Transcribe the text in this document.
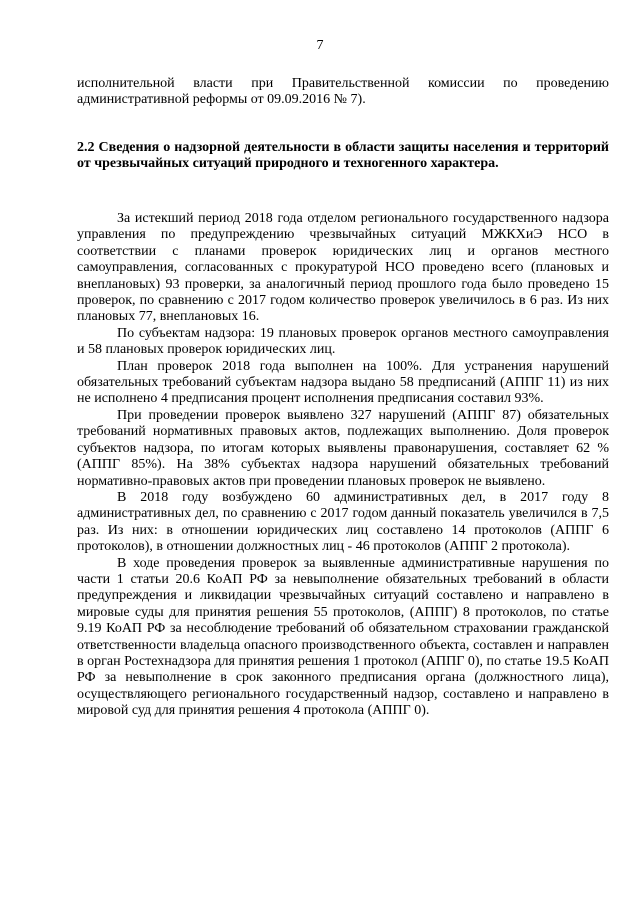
7
исполнительной власти при Правительственной комиссии по проведению административной реформы от 09.09.2016 № 7).
2.2 Сведения о надзорной деятельности в области защиты населения и территорий от чрезвычайных ситуаций природного и техногенного характера.

За истекший период 2018 года отделом регионального государственного надзора управления по предупреждению чрезвычайных ситуаций МЖКХиЭ НСО в соответствии с планами проверок юридических лиц и органов местного самоуправления, согласованных с прокуратурой НСО проведено всего (плановых и внеплановых) 93 проверки, за аналогичный период прошлого года было проведено 15 проверок, по сравнению с 2017 годом количество проверок увеличилось в 6 раз. Из них плановых 77, внеплановых 16.

По субъектам надзора: 19 плановых проверок органов местного самоуправления и 58 плановых проверок юридических лиц.

План проверок 2018 года выполнен на 100%. Для устранения нарушений обязательных требований субъектам надзора выдано 58 предписаний (АППГ 11) из них не исполнено 4 предписания процент исполнения предписания составил 93%.

При проведении проверок выявлено 327 нарушений (АППГ 87) обязательных требований нормативных правовых актов, подлежащих выполнению. Доля проверок субъектов надзора, по итогам которых выявлены правонарушения, составляет 62 % (АППГ 85%). На 38% субъектах надзора нарушений обязательных требований нормативно-правовых актов при проведении плановых проверок не выявлено.

В 2018 году возбуждено 60 административных дел, в 2017 году 8 административных дел, по сравнению с 2017 годом данный показатель увеличился в 7,5 раз. Из них: в отношении юридических лиц составлено 14 протоколов (АППГ 6 протоколов), в отношении должностных лиц - 46 протоколов (АППГ 2 протокола).

В ходе проведения проверок за выявленные административные нарушения по части 1 статьи 20.6 КоАП РФ за невыполнение обязательных требований в области предупреждения и ликвидации чрезвычайных ситуаций составлено и направлено в мировые суды для принятия решения 55 протоколов, (АППГ) 8 протоколов, по статье 9.19 КоАП РФ за несоблюдение требований об обязательном страховании гражданской ответственности владельца опасного производственного объекта, составлен и направлен в орган Ростехнадзора для принятия решения 1 протокол (АППГ 0), по статье 19.5 КоАП РФ за невыполнение в срок законного предписания органа (должностного лица), осуществляющего регионального государственный надзор, составлено и направлено в мировой суд для принятия решения 4 протокола (АППГ 0).
